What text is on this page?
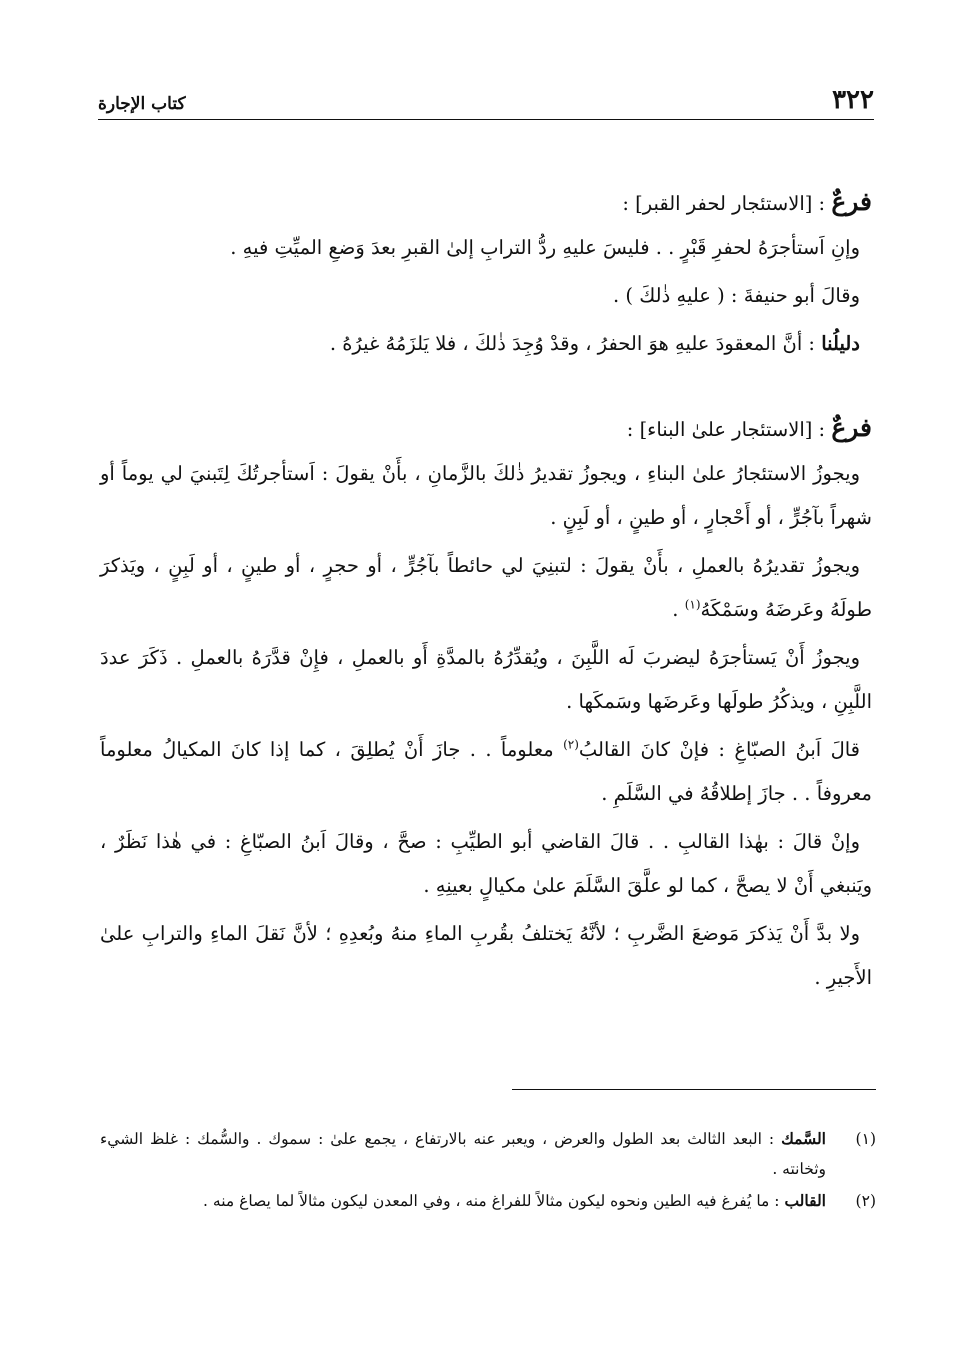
٣٢٢
كتاب الإجارة
فرعٌ : [الاستئجار لحفر القبر] :

وإنِ اَستأجرَهُ لحفرِ قَبْرٍ . . فليسَ عليهِ ردُّ الترابِ إلىٰ القبرِ بعدَ وَضعِ الميِّتِ فيهِ .

وقالَ أبو حنيفةَ : ( عليهِ ذٰلكَ ) .

دليلُنا : أنَّ المعقودَ عليهِ هوَ الحفرُ ، وقدْ وُجِدَ ذٰلكَ ، فلا يَلزَمُهُ غيرُهُ .

فرعٌ : [الاستئجار علىٰ البناء] :

ويجوزُ الاستئجارُ علىٰ البناءِ ، ويجوزُ تقديرُ ذٰلكَ بالزَّمانِ ، بأَنْ يقولَ : اَستأجرتُكَ لِتَبنيَ لي يوماً أو شهراً بآجُرٍّ ، أو أَحْجارٍ ، أو طينٍ ، أو لَبِنٍ .

ويجوزُ تقديرُهُ بالعملِ ، بأَنْ يقولَ : لتبنِيَ لي حائطاً بآجُرٍّ ، أو حجرٍ ، أو طينٍ ، أو لَبِنٍ ، ويَذكرَ طولَهُ وعَرضَهُ وسَمْكَهُ$^{(١)}$ .

ويجوزُ أَنْ يَستأجرَهُ ليضربَ لَه اللَّبِنَ ، ويُقدِّرُهُ بالمدَّةِ أَو بالعملِ ، فإِنْ قدَّرَهُ بالعملِ . ذَكَرَ عددَ اللَّبِنِ ، ويذكُرُ طولَها وعَرضَها وسَمكَها .

قالَ اَبنُ الصبّاغِ : فإنْ كانَ القالبُ$^{(٢)}$ معلوماً . . جازَ أَنْ يُطلِقَ ، كما إذا كانَ المكيالُ معلوماً معروفاً . . جازَ إطلاقُهُ في السَّلَمِ .

وإنْ قالَ : بهٰذا القالبِ . . قالَ القاضي أبو الطيِّبِ : صحَّ ، وقالَ اَبنُ الصبّاغِ : في هٰذا نَظَرٌ ، ويَنبغي أَنْ لا يصحَّ ، كما لو علَّقَ السَّلَمَ علىٰ مكيالٍ بعينِهِ .

ولا بدَّ أَنْ يَذكرَ مَوضعَ الضَّربِ ؛ لأنَّهُ يَختلفُ بقُربِ الماءِ منهُ وبُعدِهِ ؛ لأنَّ نَقلَ الماءِ والترابِ علىٰ الأَجيرِ .

(١)
السَّمك : البعد الثالث بعد الطول والعرض ، ويعبر عنه بالارتفاع ، يجمع علىٰ : سموك . والسُّمك : غلظ الشيء وثخانته .
(٢)
القالب : ما يُفرغ فيه الطين ونحوه ليكون مثالاً للفراغ منه ، وفي المعدن ليكون مثالاً لما يصاغ منه .
